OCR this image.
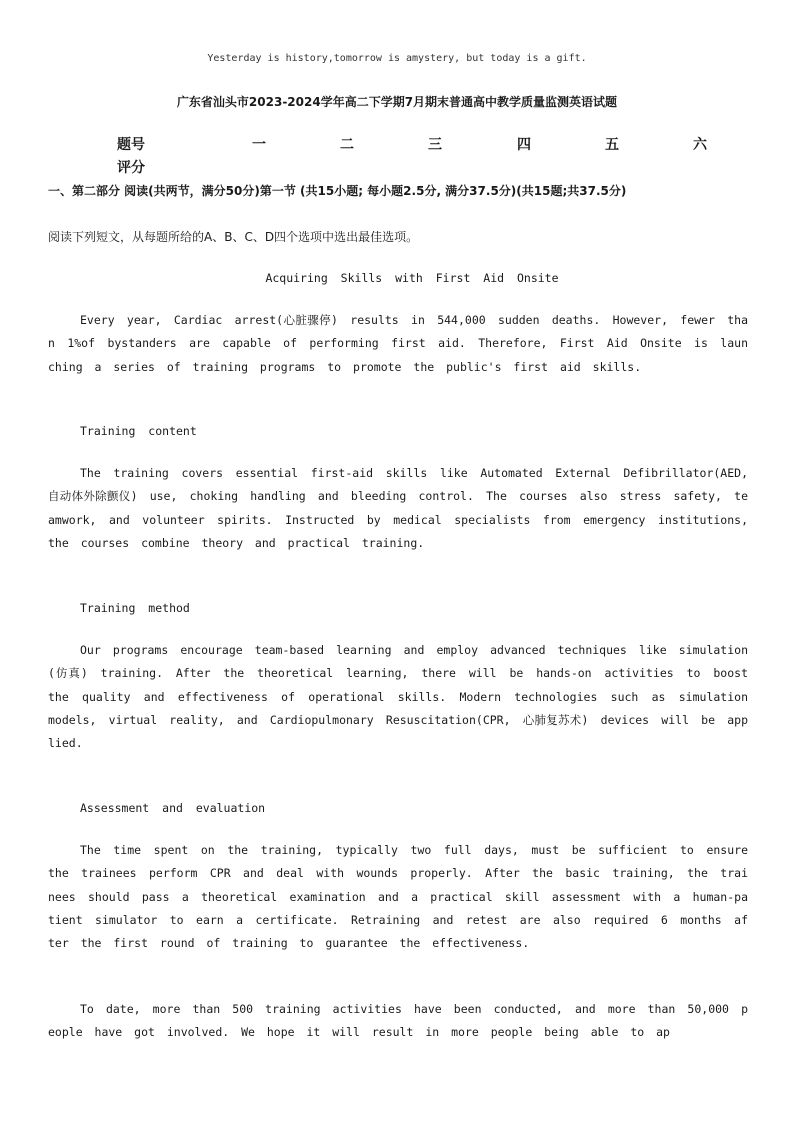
Yesterday is history,tomorrow is amystery, but today is a gift.
广东省汕头市2023-2024学年高二下学期7月期末普通高中教学质量监测英语试题
题号	一	二	三	四	五	六
评分
一、第二部分 阅读(共两节，满分50分)第一节 (共15小题; 每小题2.5分, 满分37.5分)(共15题;共37.5分)
阅读下列短文，从每题所给的A、B、C、D四个选项中选出最佳选项。
Acquiring Skills with First Aid Onsite
Every year, Cardiac arrest(心脏骤停) results in 544,000 sudden deaths. However, fewer than 1%of bystanders are capable of performing first aid. Therefore, First Aid Onsite is launching a series of training programs to promote the public's first aid skills.
Training content
The training covers essential first-aid skills like Automated External Defibrillator(AED, 自动体外除颤仪) use, choking handling and bleeding control. The courses also stress safety, teamwork, and volunteer spirits. Instructed by medical specialists from emergency institutions, the courses combine theory and practical training.
Training method
Our programs encourage team-based learning and employ advanced techniques like simulation(仿真) training. After the theoretical learning, there will be hands-on activities to boost the quality and effectiveness of operational skills. Modern technologies such as simulation models, virtual reality, and Cardiopulmonary Resuscitation(CPR, 心肺复苏术) devices will be applied.
Assessment and evaluation
The time spent on the training, typically two full days, must be sufficient to ensure the trainees perform CPR and deal with wounds properly. After the basic training, the trainees should pass a theoretical examination and a practical skill assessment with a human-patient simulator to earn a certificate. Retraining and retest are also required 6 months after the first round of training to guarantee the effectiveness.
To date, more than 500 training activities have been conducted, and more than 50,000 people have got involved. We hope it will result in more people being able to ap
